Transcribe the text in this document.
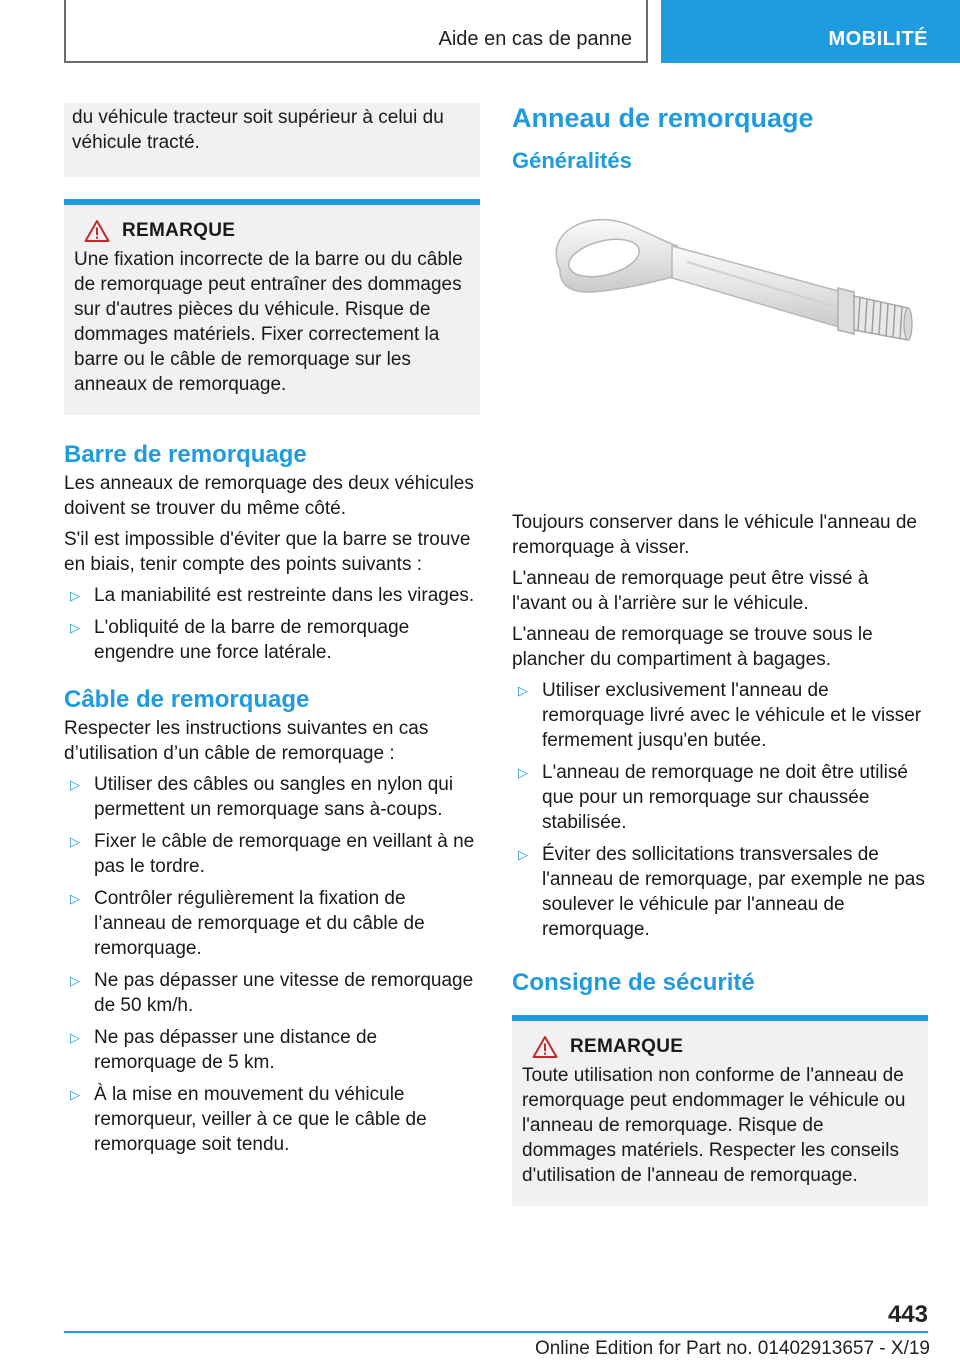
Aide en cas de panne	MOBILITÉ
du véhicule tracteur soit supérieur à celui du véhicule tracté.
REMARQUE
Une fixation incorrecte de la barre ou du câble de remorquage peut entraîner des dommages sur d'autres pièces du véhicule. Risque de dommages matériels. Fixer correctement la barre ou le câble de remorquage sur les anneaux de remorquage.
Barre de remorquage

Les anneaux de remorquage des deux véhicules doivent se trouver du même côté.

S'il est impossible d'éviter que la barre se trouve en biais, tenir compte des points suivants :

▷ La maniabilité est restreinte dans les virages.
▷ L'obliquité de la barre de remorquage engendre une force latérale.
Câble de remorquage

Respecter les instructions suivantes en cas d’utilisation d’un câble de remorquage :

▷ Utiliser des câbles ou sangles en nylon qui permettent un remorquage sans à-coups.
▷ Fixer le câble de remorquage en veillant à ne pas le tordre.
▷ Contrôler régulièrement la fixation de l’anneau de remorquage et du câble de remorquage.
▷ Ne pas dépasser une vitesse de remorquage de 50 km/h.
▷ Ne pas dépasser une distance de remorquage de 5 km.
▷ À la mise en mouvement du véhicule remorqueur, veiller à ce que le câble de remorquage soit tendu.
Anneau de remorquage
Généralités

Toujours conserver dans le véhicule l'anneau de remorquage à visser.

L'anneau de remorquage peut être vissé à l'avant ou à l'arrière sur le véhicule.

L'anneau de remorquage se trouve sous le plancher du compartiment à bagages.

▷ Utiliser exclusivement l'anneau de remorquage livré avec le véhicule et le visser fermement jusqu'en butée.
▷ L'anneau de remorquage ne doit être utilisé que pour un remorquage sur chaussée stabilisée.
▷ Éviter des sollicitations transversales de l'anneau de remorquage, par exemple ne pas soulever le véhicule par l'anneau de remorquage.
Consigne de sécurité
REMARQUE
Toute utilisation non conforme de l'anneau de remorquage peut endommager le véhicule ou l'anneau de remorquage. Risque de dommages matériels. Respecter les conseils d'utilisation de l'anneau de remorquage.
443
Online Edition for Part no. 01402913657 - X/19
